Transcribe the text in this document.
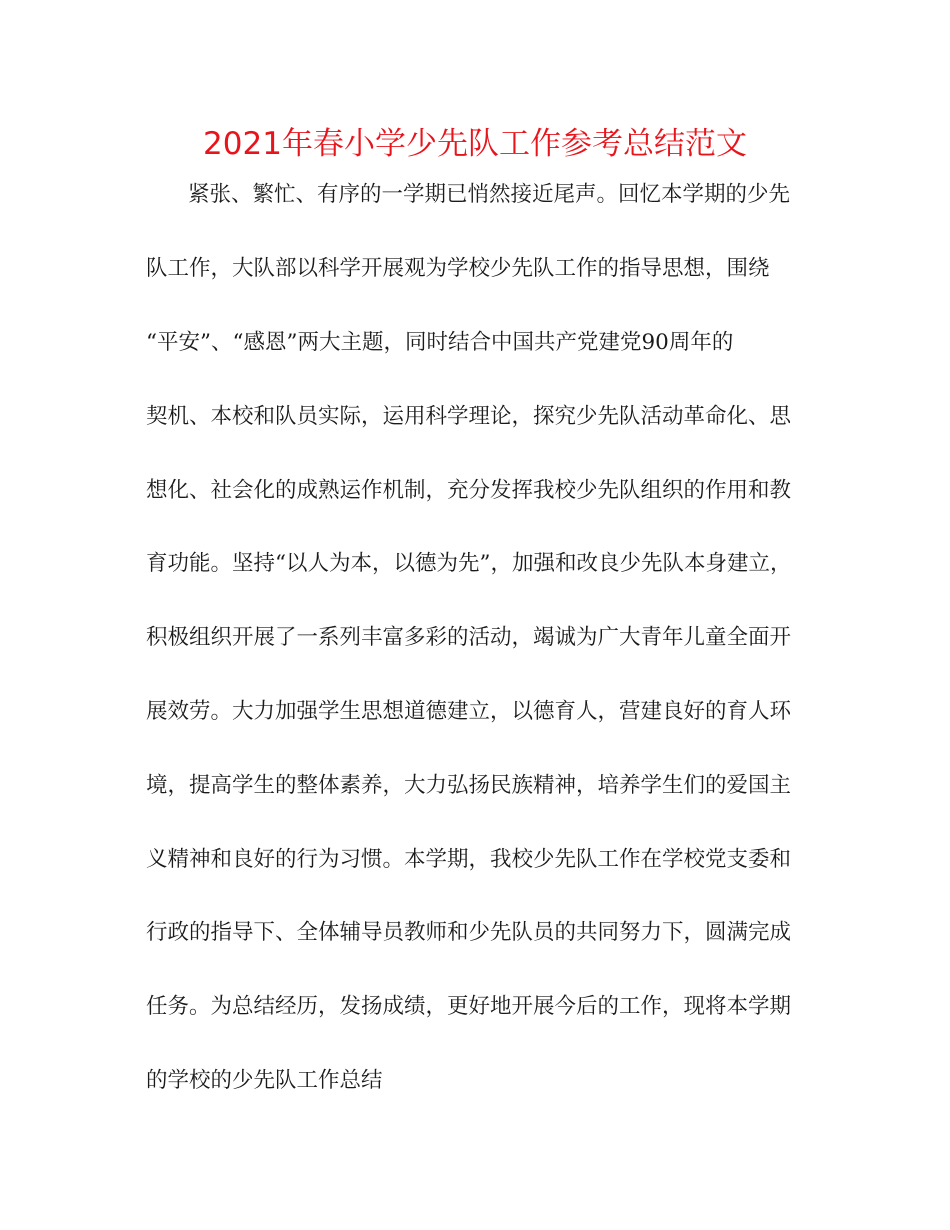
2021年春小学少先队工作参考总结范文

紧张、繁忙、有序的一学期已悄然接近尾声。回忆本学期的少先

队工作，大队部以科学开展观为学校少先队工作的指导思想，围绕

“平安”、“感恩”两大主题，同时结合中国共产党建党90周年的

契机、本校和队员实际，运用科学理论，探究少先队活动革命化、思

想化、社会化的成熟运作机制，充分发挥我校少先队组织的作用和教

育功能。坚持“以人为本，以德为先”，加强和改良少先队本身建立，

积极组织开展了一系列丰富多彩的活动，竭诚为广大青年儿童全面开

展效劳。大力加强学生思想道德建立，以德育人，营建良好的育人环

境，提高学生的整体素养，大力弘扬民族精神，培养学生们的爱国主

义精神和良好的行为习惯。本学期，我校少先队工作在学校党支委和

行政的指导下、全体辅导员教师和少先队员的共同努力下，圆满完成

任务。为总结经历，发扬成绩，更好地开展今后的工作，现将本学期

的学校的少先队工作总结
